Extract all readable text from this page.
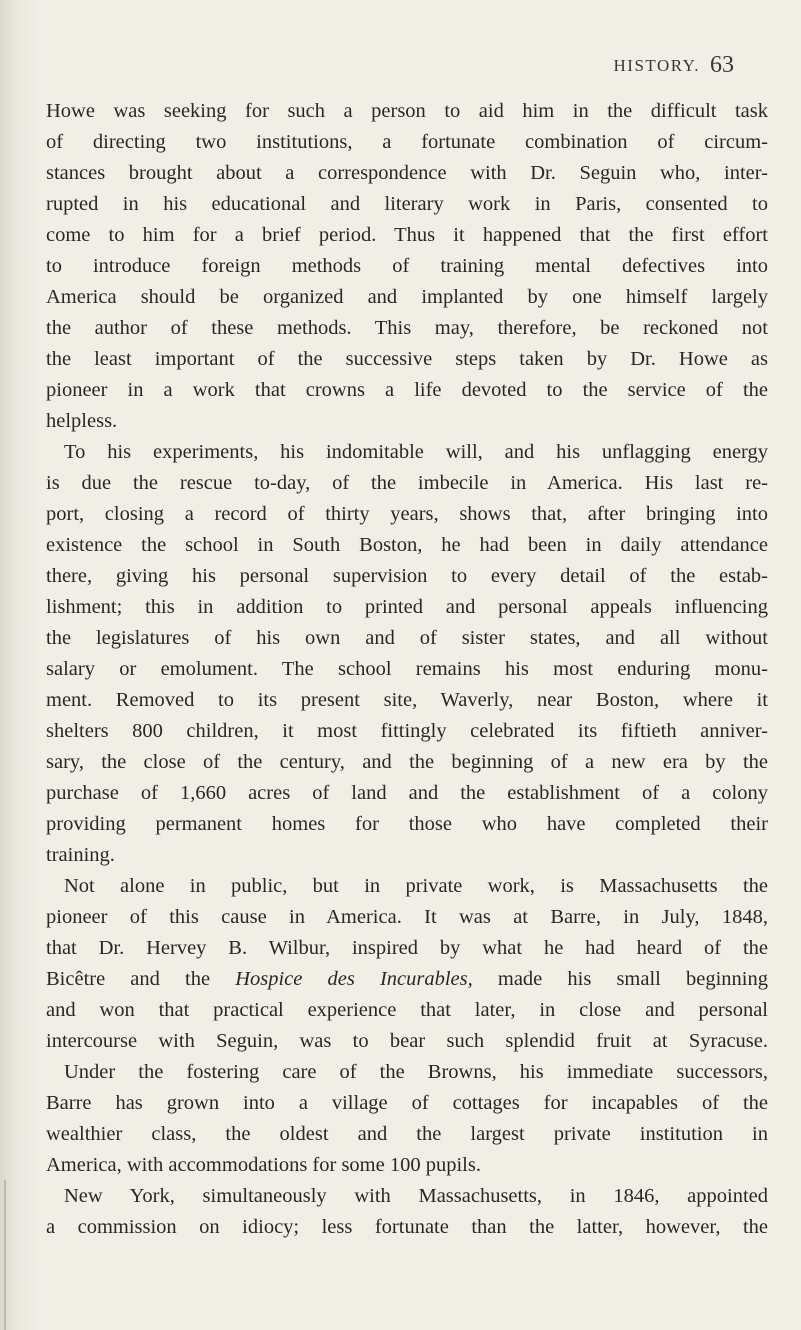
HISTORY. 63
Howe was seeking for such a person to aid him in the difficult task
of directing two institutions, a fortunate combination of circum-
stances brought about a correspondence with Dr. Seguin who, inter-
rupted in his educational and literary work in Paris, consented to
come to him for a brief period. Thus it happened that the first effort
to introduce foreign methods of training mental defectives into
America should be organized and implanted by one himself largely
the author of these methods. This may, therefore, be reckoned not
the least important of the successive steps taken by Dr. Howe as
pioneer in a work that crowns a life devoted to the service of the
helpless.
To his experiments, his indomitable will, and his unflagging energy
is due the rescue to-day, of the imbecile in America. His last re-
port, closing a record of thirty years, shows that, after bringing into
existence the school in South Boston, he had been in daily attendance
there, giving his personal supervision to every detail of the estab-
lishment; this in addition to printed and personal appeals influencing
the legislatures of his own and of sister states, and all without
salary or emolument. The school remains his most enduring monu-
ment. Removed to its present site, Waverly, near Boston, where it
shelters 800 children, it most fittingly celebrated its fiftieth anniver-
sary, the close of the century, and the beginning of a new era by the
purchase of 1,660 acres of land and the establishment of a colony
providing permanent homes for those who have completed their
training.
Not alone in public, but in private work, is Massachusetts the
pioneer of this cause in America. It was at Barre, in July, 1848,
that Dr. Hervey B. Wilbur, inspired by what he had heard of the
Bicêtre and the Hospice des Incurables, made his small beginning
and won that practical experience that later, in close and personal
intercourse with Seguin, was to bear such splendid fruit at Syracuse.
Under the fostering care of the Browns, his immediate successors,
Barre has grown into a village of cottages for incapables of the
wealthier class, the oldest and the largest private institution in
America, with accommodations for some 100 pupils.
New York, simultaneously with Massachusetts, in 1846, appointed
a commission on idiocy; less fortunate than the latter, however, the
